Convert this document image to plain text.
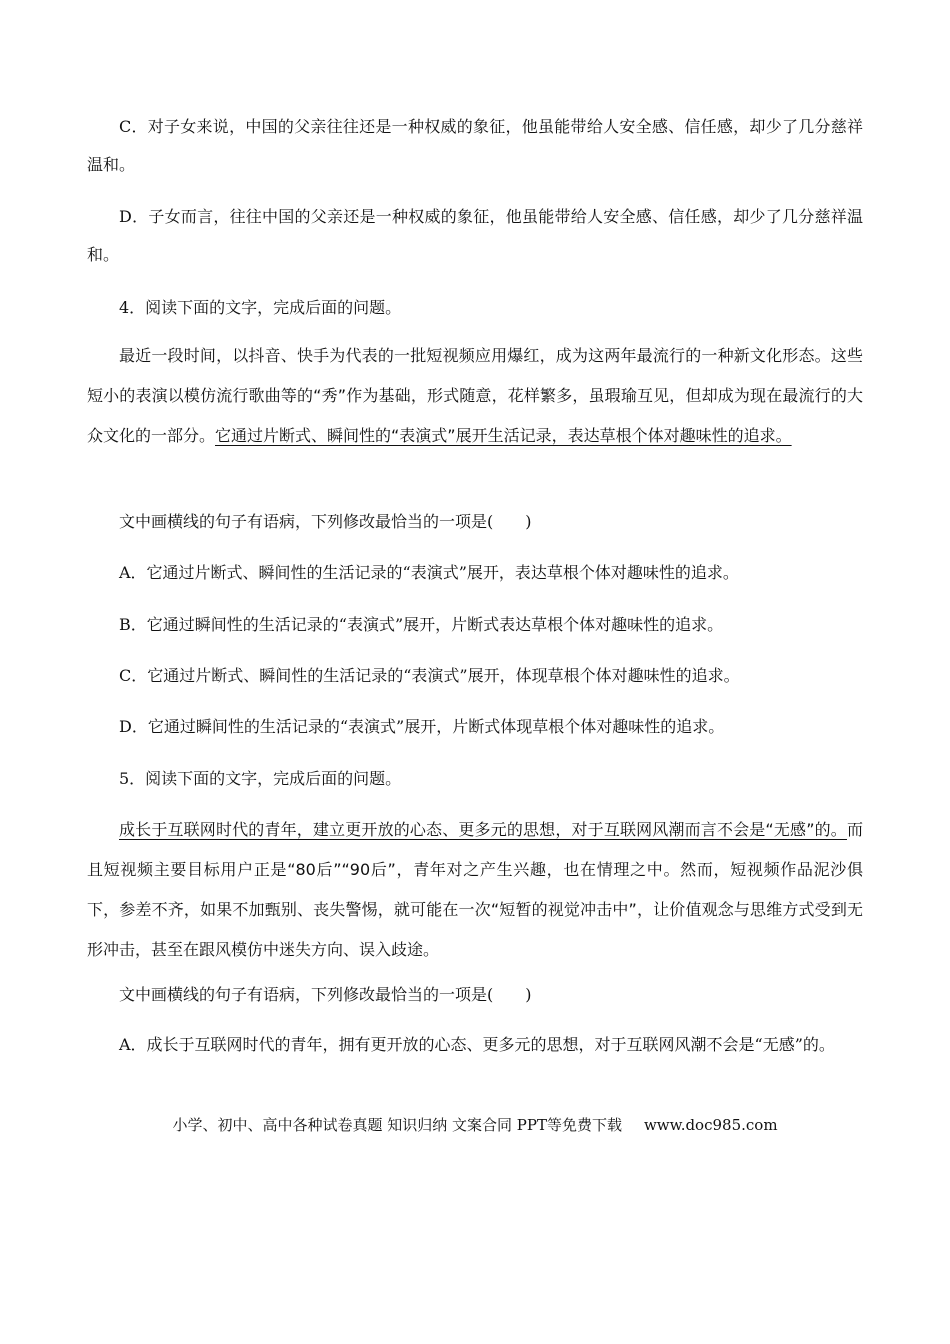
C．对子女来说，中国的父亲往往还是一种权威的象征，他虽能带给人安全感、信任感，却少了几分慈祥温和。

D．子女而言，往往中国的父亲还是一种权威的象征，他虽能带给人安全感、信任感，却少了几分慈祥温和。

4．阅读下面的文字，完成后面的问题。

最近一段时间，以抖音、快手为代表的一批短视频应用爆红，成为这两年最流行的一种新文化形态。这些短小的表演以模仿流行歌曲等的“秀”作为基础，形式随意，花样繁多，虽瑕瑜互见，但却成为现在最流行的大众文化的一部分。它通过片断式、瞬间性的“表演式”展开生活记录，表达草根个体对趣味性的追求。

文中画横线的句子有语病，下列修改最恰当的一项是(　　)

A．它通过片断式、瞬间性的生活记录的“表演式”展开，表达草根个体对趣味性的追求。

B．它通过瞬间性的生活记录的“表演式”展开，片断式表达草根个体对趣味性的追求。

C．它通过片断式、瞬间性的生活记录的“表演式”展开，体现草根个体对趣味性的追求。

D．它通过瞬间性的生活记录的“表演式”展开，片断式体现草根个体对趣味性的追求。

5．阅读下面的文字，完成后面的问题。

成长于互联网时代的青年，建立更开放的心态、更多元的思想，对于互联网风潮而言不会是“无感”的。而且短视频主要目标用户正是“80后”“90后”，青年对之产生兴趣，也在情理之中。然而，短视频作品泥沙俱下，参差不齐，如果不加甄别、丧失警惕，就可能在一次“短暂的视觉冲击中”，让价值观念与思维方式受到无形冲击，甚至在跟风模仿中迷失方向、误入歧途。

文中画横线的句子有语病，下列修改最恰当的一项是(　　)

A．成长于互联网时代的青年，拥有更开放的心态、更多元的思想，对于互联网风潮不会是“无感”的。

小学、初中、高中各种试卷真题 知识归纳 文案合同 PPT等免费下载 www.doc985.com
